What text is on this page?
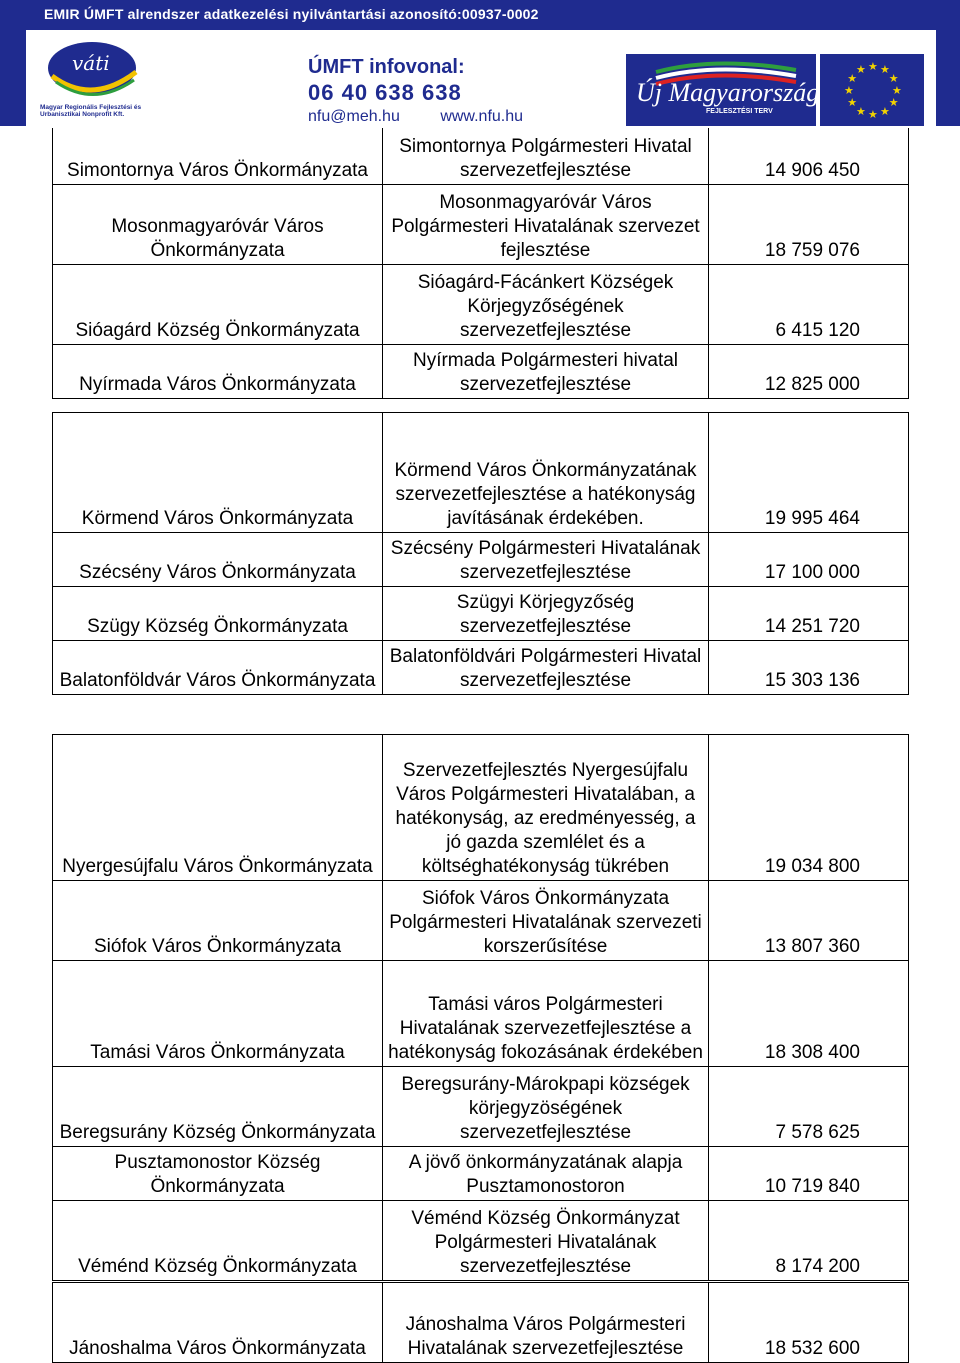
EMIR ÚMFT alrendszer adatkezelési nyilvántartási azonosító:00937-0002
váti
Magyar Regionális Fejlesztési és Urbanisztikai Nonprofit Kft.
ÚMFT infovonal:
06 40 638 638
nfu@meh.hu	www.nfu.hu
Új Magyarország
FEJLESZTÉSI TERV
★
★
★
★
★
★
★
★
★ ★ ★
★
Simontornya Város Önkormányzata	Simontornya Polgármesteri Hivatal szervezetfejlesztése	14 906 450
Mosonmagyaróvár Város Önkormányzata	Mosonmagyaróvár Város Polgármesteri Hivatalának szervezet fejlesztése	18 759 076
Sióagárd Község Önkormányzata	Sióagárd-Fácánkert Községek Körjegyzőségének szervezetfejlesztése	6 415 120
Nyírmada Város Önkormányzata	Nyírmada Polgármesteri hivatal szervezetfejlesztése	12 825 000

Körmend Város Önkormányzata	Körmend Város Önkormányzatának szervezetfejlesztése a hatékonyság javításának érdekében.	19 995 464
Szécsény Város Önkormányzata	Szécsény Polgármesteri Hivatalának szervezetfejlesztése	17 100 000
Szügy Község Önkormányzata	Szügyi Körjegyzőség szervezetfejlesztése	14 251 720
Balatonföldvár Város Önkormányzata	Balatonföldvári Polgármesteri Hivatal szervezetfejlesztése	15 303 136

Nyergesújfalu Város Önkormányzata	Szervezetfejlesztés Nyergesújfalu Város Polgármesteri Hivatalában, a hatékonyság, az eredményesség, a jó gazda szemlélet és a költséghatékonyság tükrében	19 034 800
Siófok Város Önkormányzata	Siófok Város Önkormányzata Polgármesteri Hivatalának szervezeti korszerűsítése	13 807 360
Tamási Város Önkormányzata	Tamási város Polgármesteri Hivatalának szervezetfejlesztése a hatékonyság fokozásának érdekében	18 308 400
Beregsurány Község Önkormányzata	Beregsurány-Márokpapi községek körjegyzöségének szervezetfejlesztése	7 578 625
Pusztamonostor Község Önkormányzata	A jövő önkormányzatának alapja Pusztamonostoron	10 719 840
Véménd Község Önkormányzata	Véménd Község Önkormányzat Polgármesteri Hivatalának szervezetfejlesztése	8 174 200

Jánoshalma Város Önkormányzata	Jánoshalma Város Polgármesteri Hivatalának szervezetfejlesztése	18 532 600
